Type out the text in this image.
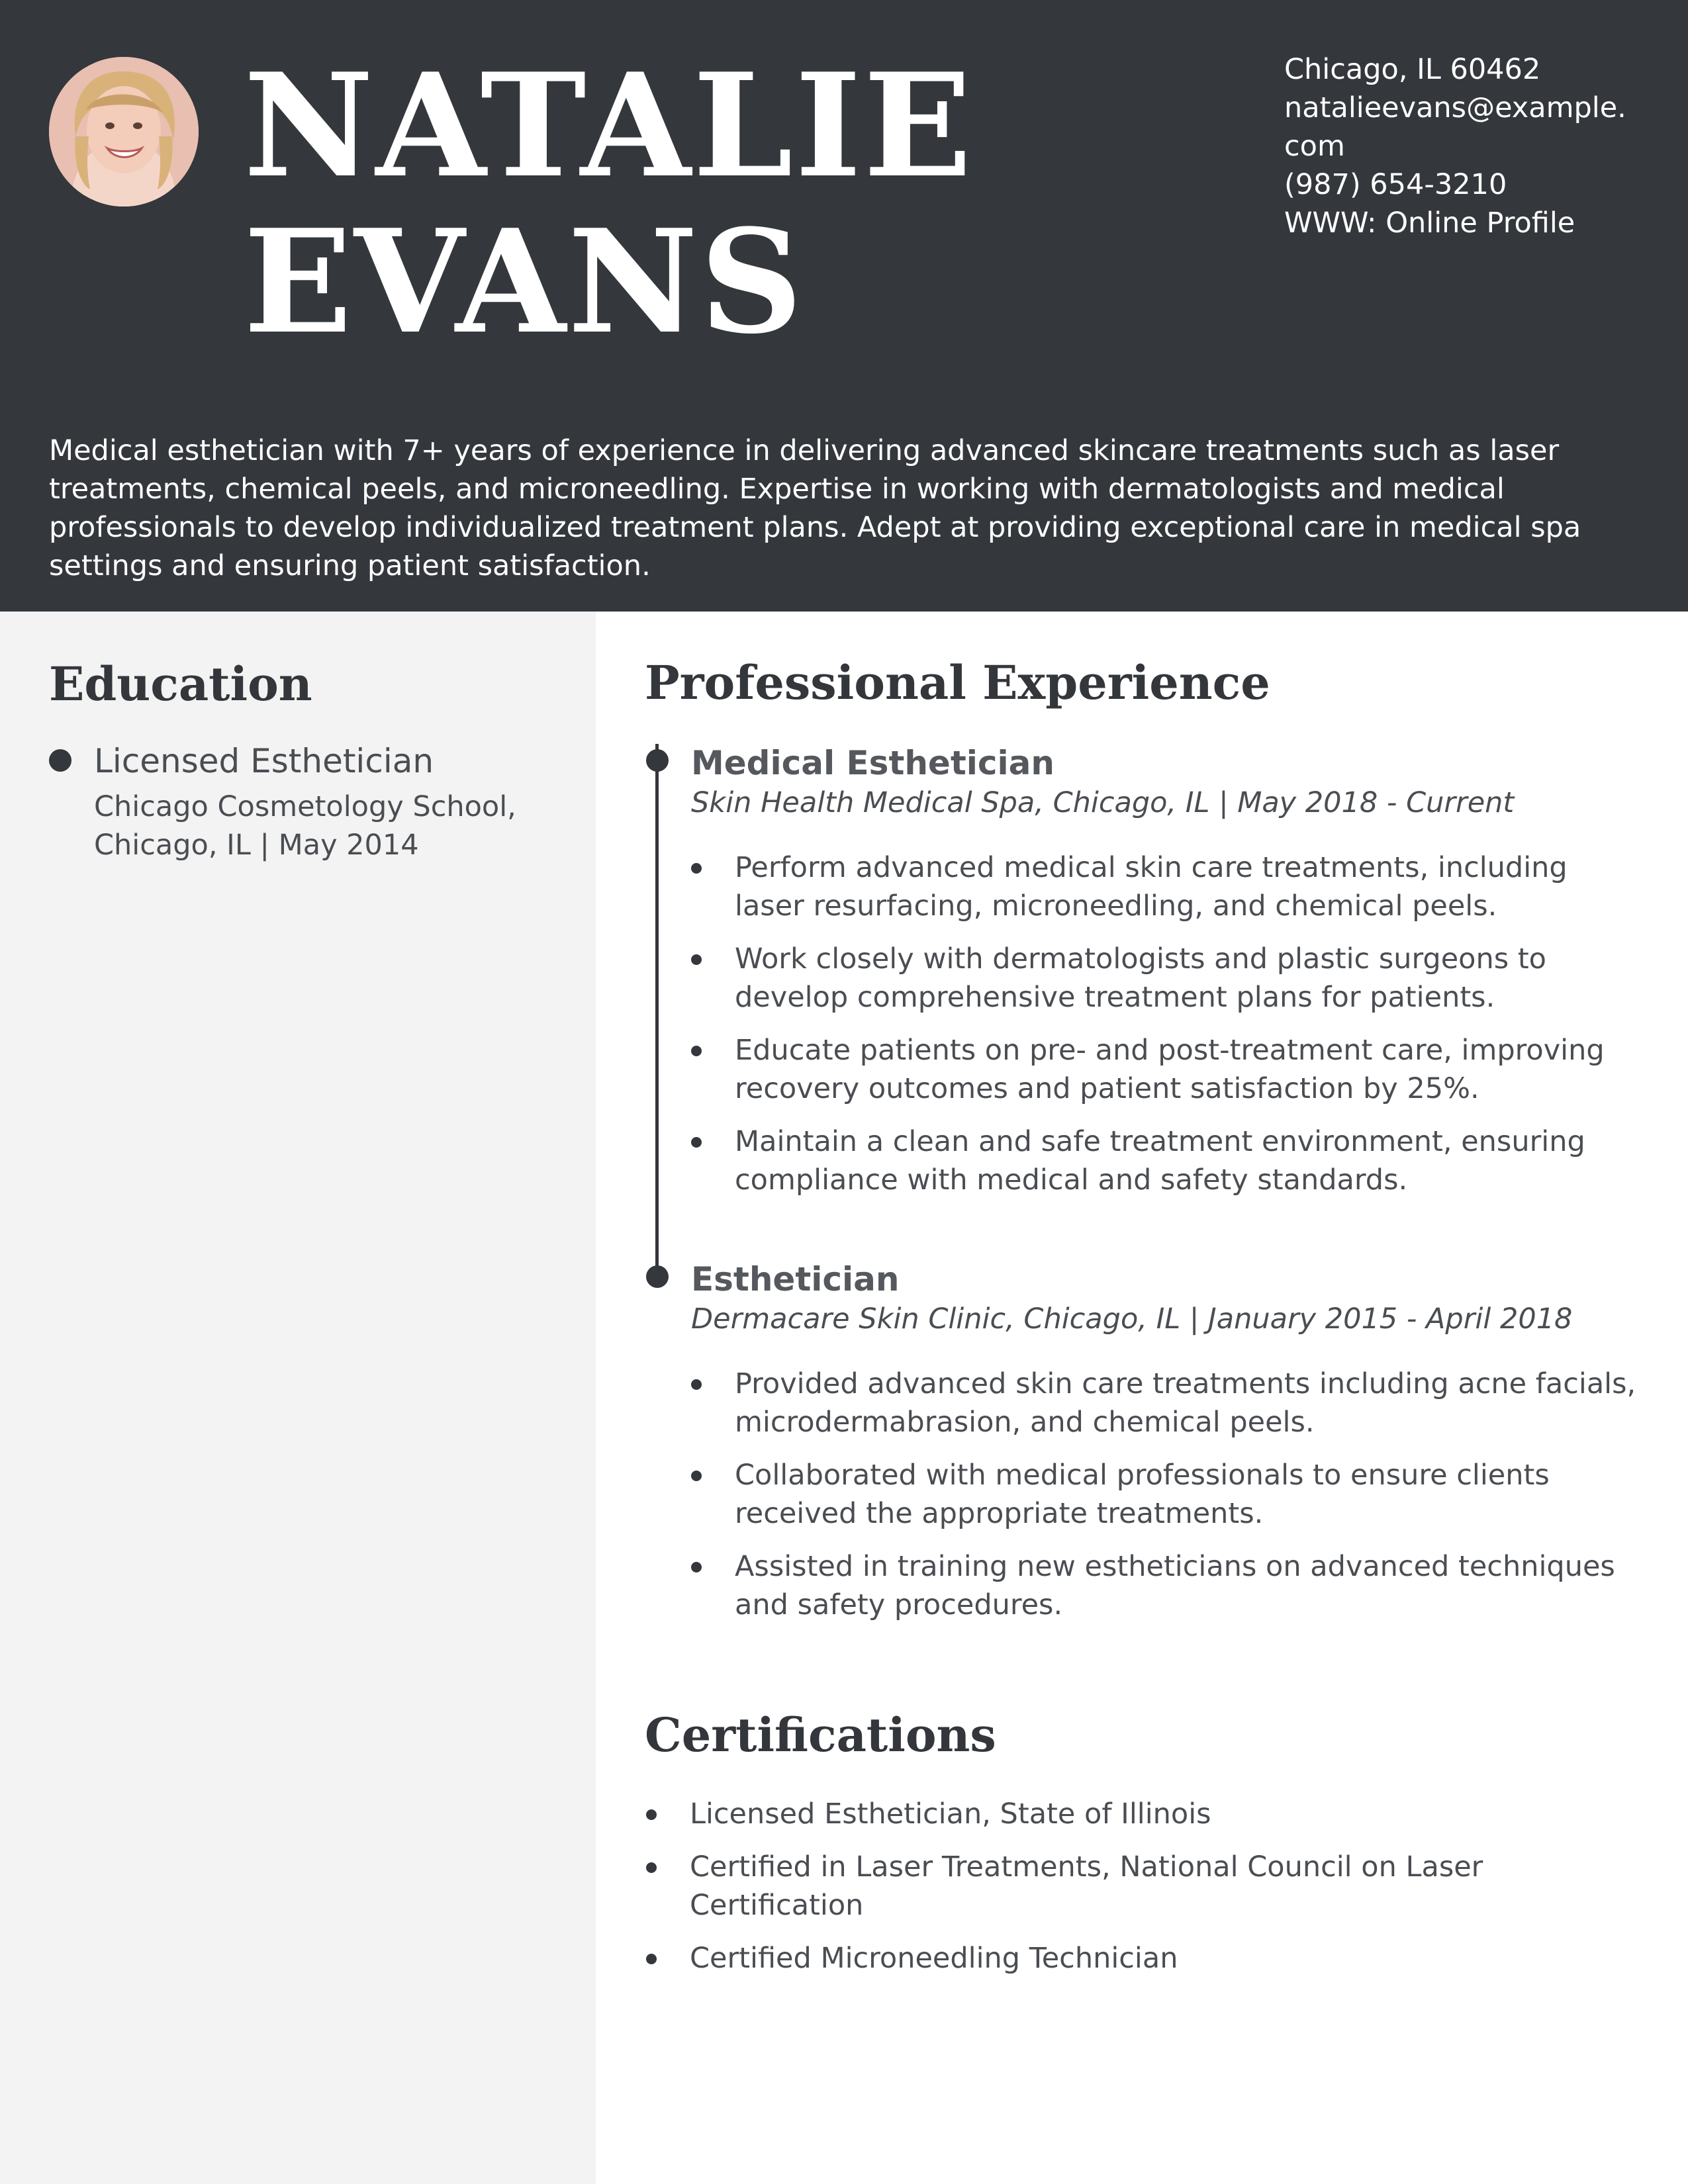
NATALIE
EVANS
Chicago, IL 60462
natalieevans@example.com
(987) 654-3210
WWW: Online Profile
Medical esthetician with 7+ years of experience in delivering advanced skincare treatments such as laser treatments, chemical peels, and microneedling. Expertise in working with dermatologists and medical professionals to develop individualized treatment plans. Adept at providing exceptional care in medical spa settings and ensuring patient satisfaction.
Education
Licensed Esthetician
Chicago Cosmetology School,
Chicago, IL | May 2014
Professional Experience
Medical Esthetician
Skin Health Medical Spa, Chicago, IL | May 2018 - Current
Perform advanced medical skin care treatments, including laser resurfacing, microneedling, and chemical peels.
Work closely with dermatologists and plastic surgeons to develop comprehensive treatment plans for patients.
Educate patients on pre- and post-treatment care, improving recovery outcomes and patient satisfaction by 25%.
Maintain a clean and safe treatment environment, ensuring compliance with medical and safety standards.
Esthetician
Dermacare Skin Clinic, Chicago, IL | January 2015 - April 2018
Provided advanced skin care treatments including acne facials, microdermabrasion, and chemical peels.
Collaborated with medical professionals to ensure clients received the appropriate treatments.
Assisted in training new estheticians on advanced techniques and safety procedures.
Certifications
Licensed Esthetician, State of Illinois
Certified in Laser Treatments, National Council on Laser Certification
Certified Microneedling Technician
